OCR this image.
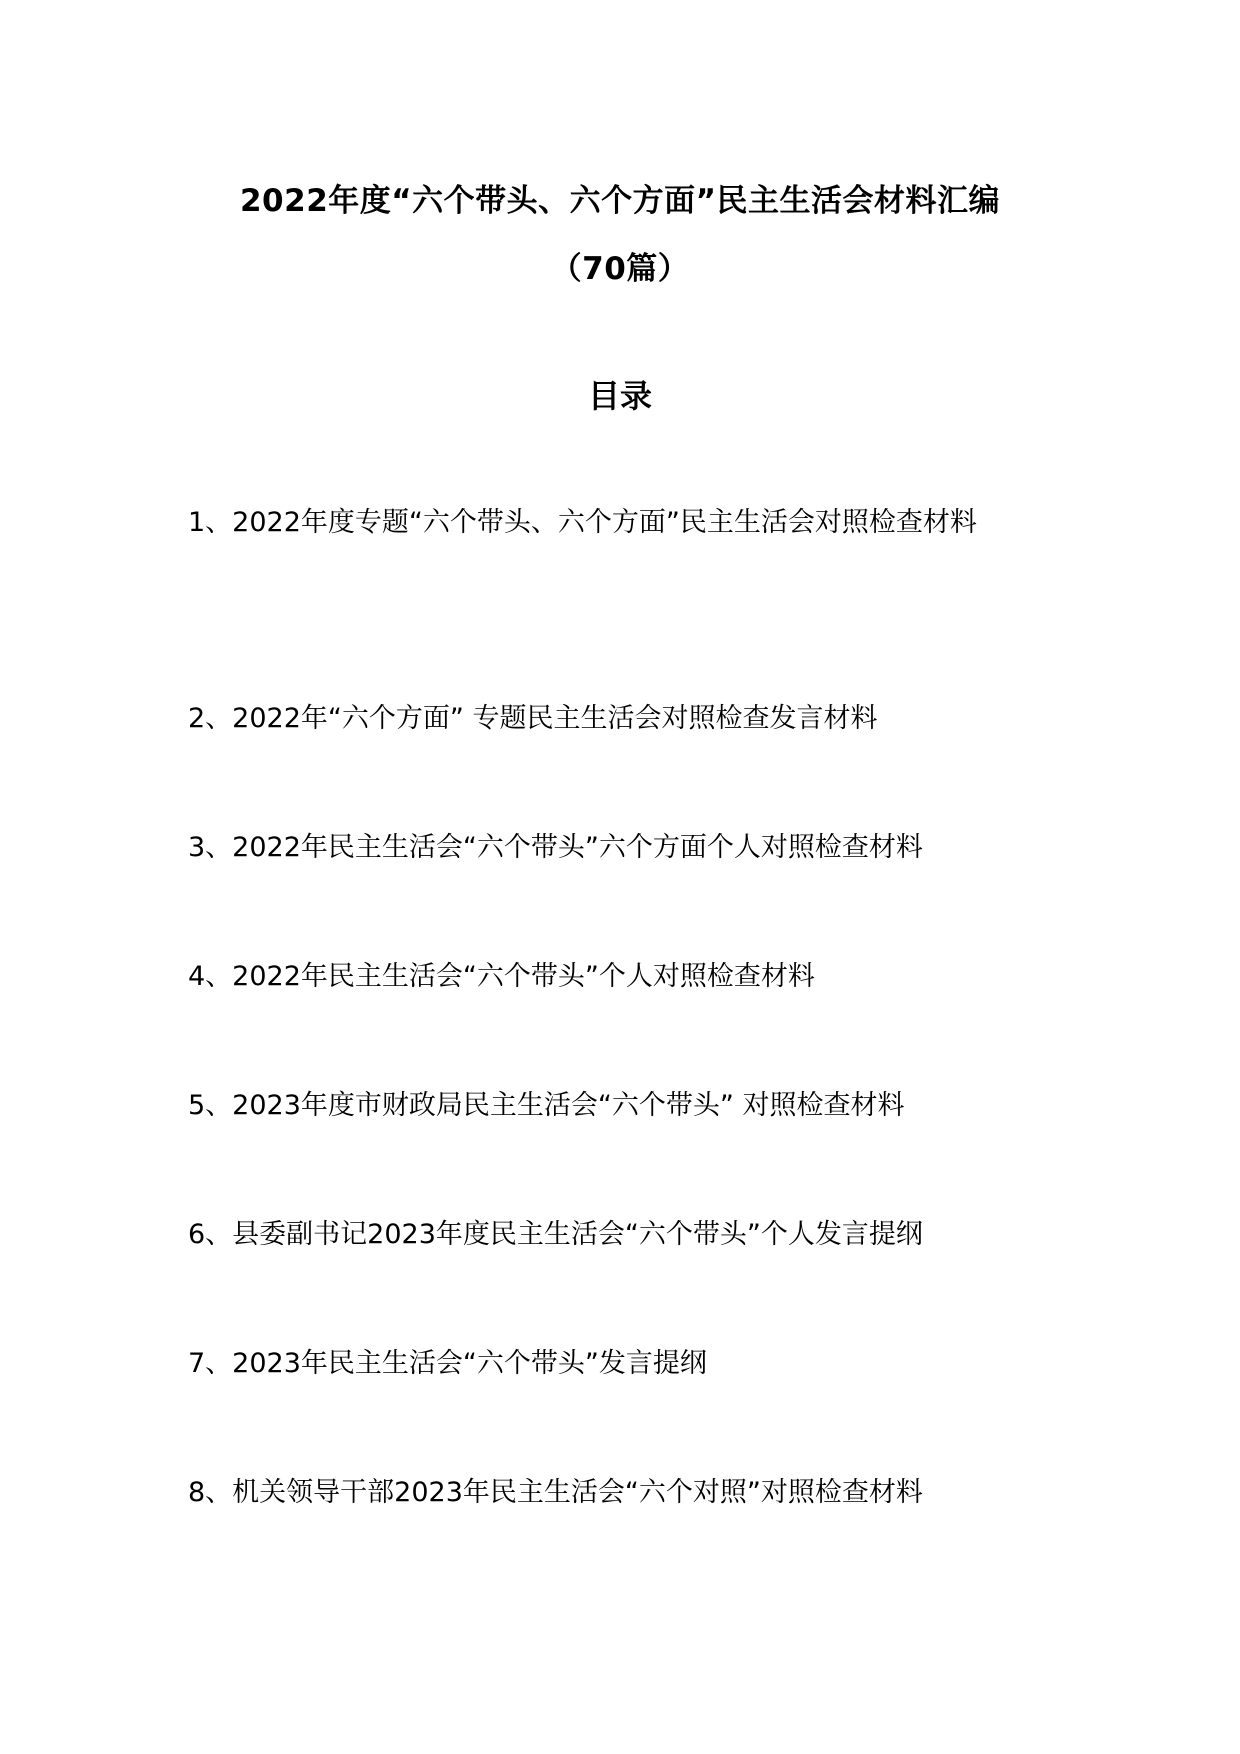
2022年度“六个带头、六个方面”民主生活会材料汇编
（70篇）
目录
1、2022年度专题“六个带头、六个方面”民主生活会对照检查材料
2、2022年“六个方面” 专题民主生活会对照检查发言材料
3、2022年民主生活会“六个带头”六个方面个人对照检查材料
4、2022年民主生活会“六个带头”个人对照检查材料
5、2023年度市财政局民主生活会“六个带头” 对照检查材料
6、县委副书记2023年度民主生活会“六个带头”个人发言提纲
7、2023年民主生活会“六个带头”发言提纲
8、机关领导干部2023年民主生活会“六个对照”对照检查材料
